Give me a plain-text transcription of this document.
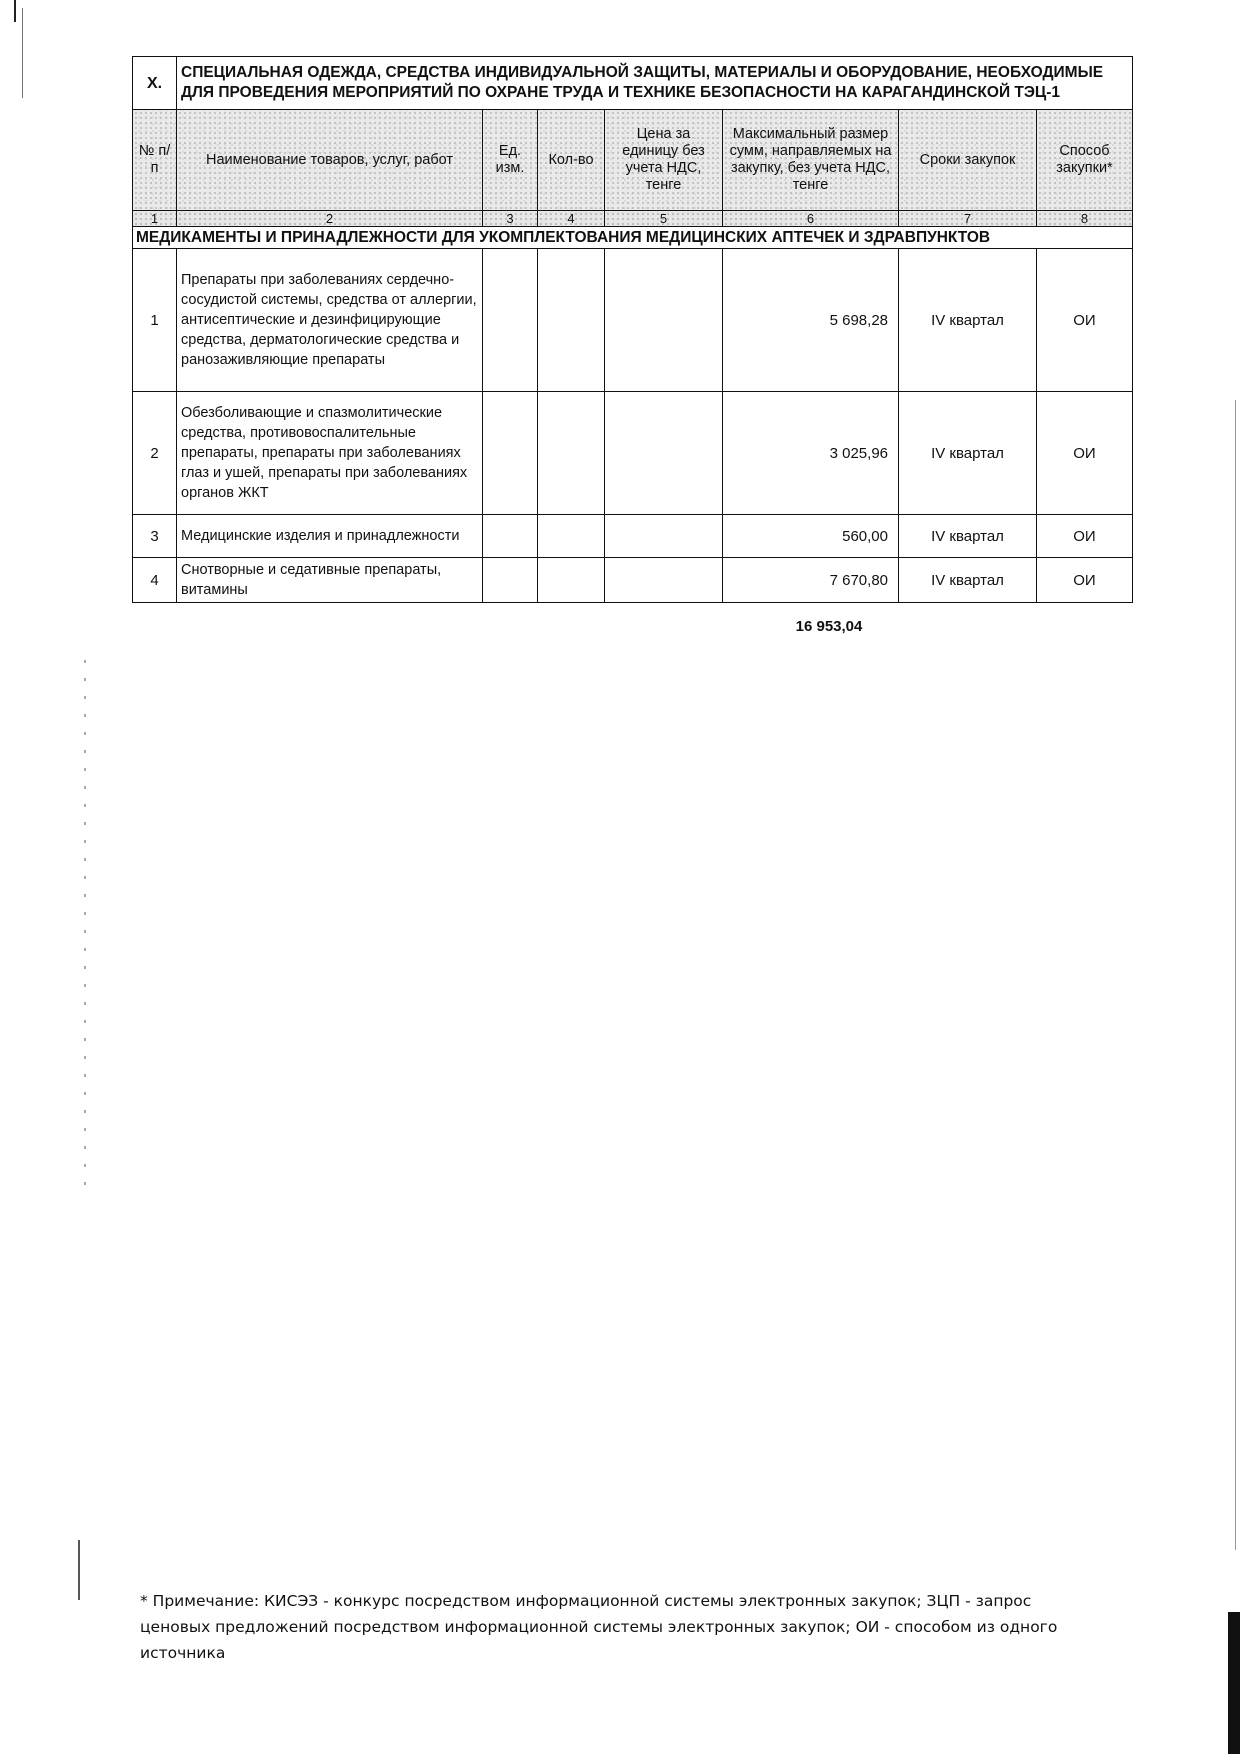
X.	СПЕЦИАЛЬНАЯ ОДЕЖДА, СРЕДСТВА ИНДИВИДУАЛЬНОЙ ЗАЩИТЫ, МАТЕРИАЛЫ И ОБОРУДОВАНИЕ, НЕОБХОДИМЫЕ ДЛЯ ПРОВЕДЕНИЯ МЕРОПРИЯТИЙ ПО ОХРАНЕ ТРУДА И ТЕХНИКЕ БЕЗОПАСНОСТИ НА КАРАГАНДИНСКОЙ ТЭЦ-1						
№ п/п	Наименование товаров, услуг, работ	Ед. изм.	Кол-во	Цена за единицу без учета НДС, тенге	Максимальный размер сумм, направляемых на закупку, без учета НДС, тенге	Сроки закупок	Способ закупки*
1	2	3	4	5	6	7	8
МЕДИКАМЕНТЫ И ПРИНАДЛЕЖНОСТИ ДЛЯ УКОМПЛЕКТОВАНИЯ МЕДИЦИНСКИХ АПТЕЧЕК И ЗДРАВПУНКТОВ							
1	Препараты при заболеваниях сердечно-сосудистой системы, средства от аллергии, антисептические и дезинфицирующие средства, дерматологические средства и ранозаживляющие препараты				5 698,28	IV квартал	ОИ
2	Обезболивающие и спазмолитические средства, противовоспалительные препараты, препараты при заболеваниях глаз и ушей, препараты при заболеваниях органов ЖКТ				3 025,96	IV квартал	ОИ
3	Медицинские изделия и принадлежности				560,00	IV квартал	ОИ
4	Снотворные и седативные препараты, витамины				7 670,80	IV квартал	ОИ
16 953,04
* Примечание: КИСЭЗ - конкурс посредством информационной системы электронных закупок; ЗЦП - запрос ценовых предложений посредством информационной системы электронных закупок; ОИ - способом из одного источника
